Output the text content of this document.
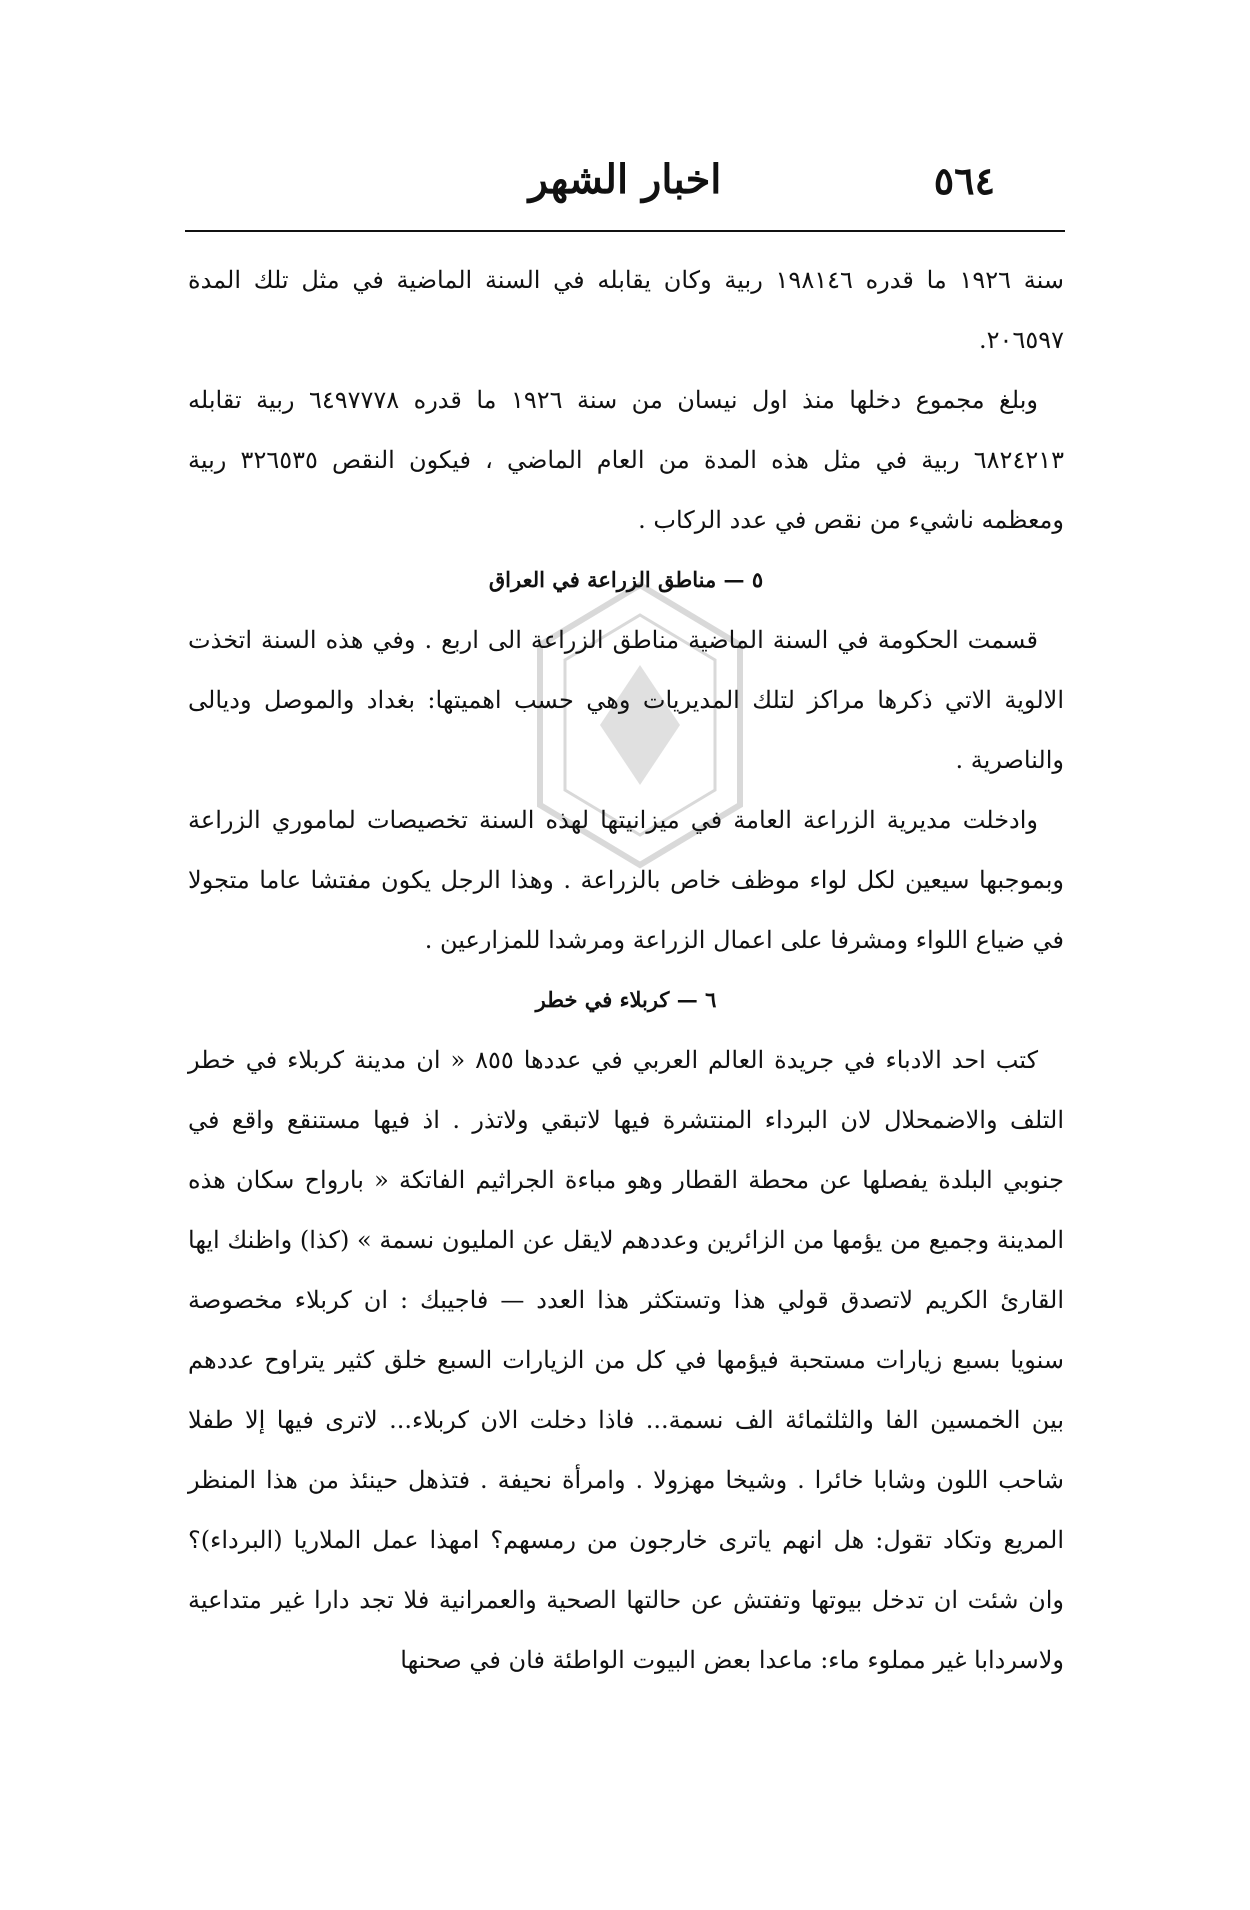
٥٦٤
اخبار الشهر

سنة ١٩٢٦ ما قدره ١٩٨١٤٦ ربية وكان يقابله في السنة الماضية في مثل تلك المدة ٢٠٦٥٩٧.

وبلغ مجموع دخلها منذ اول نيسان من سنة ١٩٢٦ ما قدره ٦٤٩٧٧٧٨ ربية تقابله ٦٨٢٤٢١٣ ربية في مثل هذه المدة من العام الماضي ، فيكون النقص ٣٢٦٥٣٥ ربية ومعظمه ناشيء من نقص في عدد الركاب .

٥ — مناطق الزراعة في العراق

قسمت الحكومة في السنة الماضية مناطق الزراعة الى اربع . وفي هذه السنة اتخذت الالوية الاتي ذكرها مراكز لتلك المديريات وهي حسب اهميتها: بغداد والموصل وديالى والناصرية .

وادخلت مديرية الزراعة العامة في ميزانيتها لهذه السنة تخصيصات لماموري الزراعة وبموجبها سيعين لكل لواء موظف خاص بالزراعة . وهذا الرجل يكون مفتشا عاما متجولا في ضياع اللواء ومشرفا على اعمال الزراعة ومرشدا للمزارعين .

٦ — كربلاء في خطر

كتب احد الادباء في جريدة العالم العربي في عددها ٨٥٥ « ان مدينة كربلاء في خطر التلف والاضمحلال لان البرداء المنتشرة فيها لاتبقي ولاتذر . اذ فيها مستنقع واقع في جنوبي البلدة يفصلها عن محطة القطار وهو مباءة الجراثيم الفاتكة « بارواح سكان هذه المدينة وجميع من يؤمها من الزائرين وعددهم لايقل عن المليون نسمة » (كذا) واظنك ايها القارئ الكريم لاتصدق قولي هذا وتستكثر هذا العدد — فاجيبك : ان كربلاء مخصوصة سنويا بسبع زيارات مستحبة فيؤمها في كل من الزيارات السبع خلق كثير يتراوح عددهم بين الخمسين الفا والثلثمائة الف نسمة... فاذا دخلت الان كربلاء... لاترى فيها إلا طفلا شاحب اللون وشابا خائرا . وشيخا مهزولا . وامرأة نحيفة . فتذهل حينئذ من هذا المنظر المريع وتكاد تقول: هل انهم ياترى خارجون من رمسهم؟ امهذا عمل الملاريا (البرداء)؟ وان شئت ان تدخل بيوتها وتفتش عن حالتها الصحية والعمرانية فلا تجد دارا غير متداعية ولاسردابا غير مملوء ماء: ماعدا بعض البيوت الواطئة فان في صحنها
